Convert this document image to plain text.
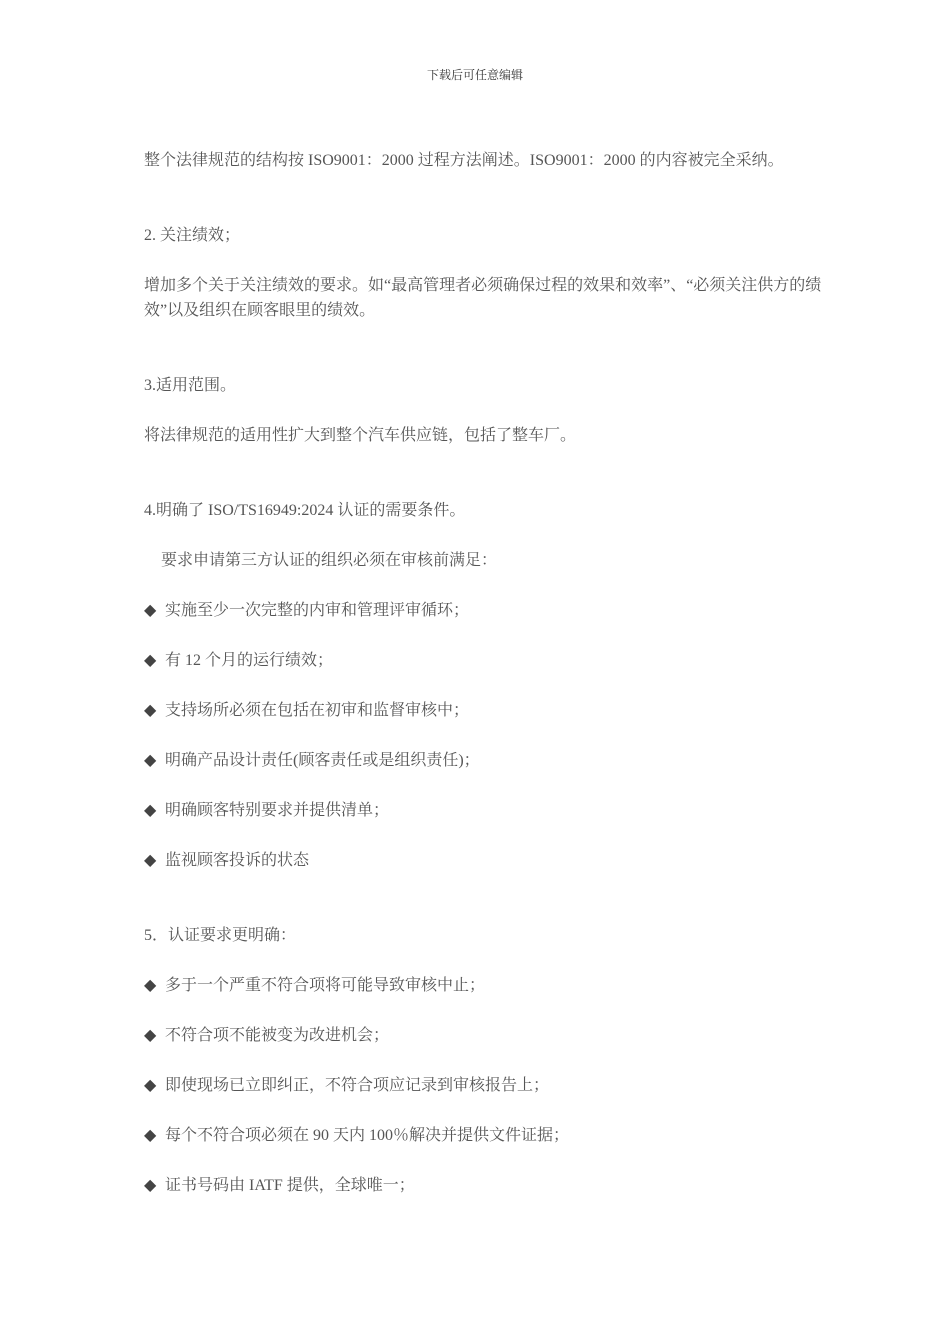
下载后可任意编辑

整个法律规范的结构按 ISO9001：2000 过程方法阐述。ISO9001：2000 的内容被完全采纳。

2. 关注绩效；

增加多个关于关注绩效的要求。如“最高管理者必须确保过程的效果和效率”、“必须关注供方的绩效”以及组织在顾客眼里的绩效。

3.适用范围。

将法律规范的适用性扩大到整个汽车供应链，包括了整车厂。

4.明确了 ISO/TS16949:2024 认证的需要条件。

要求申请第三方认证的组织必须在审核前满足：

◆ 实施至少一次完整的内审和管理评审循环；

◆ 有 12 个月的运行绩效；

◆ 支持场所必须在包括在初审和监督审核中；

◆ 明确产品设计责任(顾客责任或是组织责任)；

◆ 明确顾客特别要求并提供清单；

◆ 监视顾客投诉的状态

5．认证要求更明确：

◆ 多于一个严重不符合项将可能导致审核中止；

◆ 不符合项不能被变为改进机会；

◆ 即使现场已立即纠正，不符合项应记录到审核报告上；

◆ 每个不符合项必须在 90 天内 100％解决并提供文件证据；

◆ 证书号码由 IATF 提供，全球唯一；
